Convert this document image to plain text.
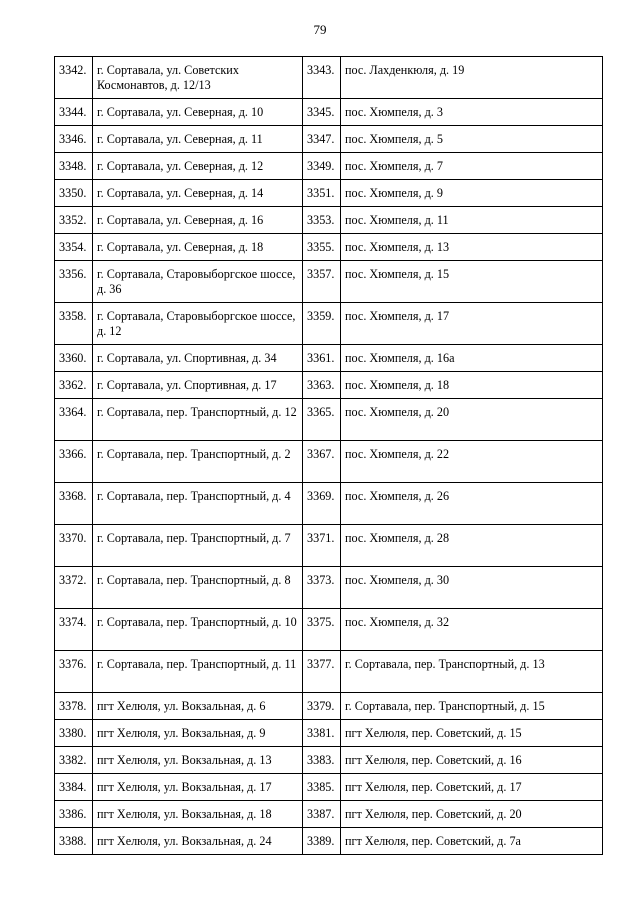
79
3342.	г. Сортавала, ул. Советских Космонавтов, д. 12/13	3343.	пос. Лахденкюля, д. 19
3344.	г. Сортавала, ул. Северная, д. 10	3345.	пос. Хюмпеля, д. 3
3346.	г. Сортавала, ул. Северная, д. 11	3347.	пос. Хюмпеля, д. 5
3348.	г. Сортавала, ул. Северная, д. 12	3349.	пос. Хюмпеля, д. 7
3350.	г. Сортавала, ул. Северная, д. 14	3351.	пос. Хюмпеля, д. 9
3352.	г. Сортавала, ул. Северная, д. 16	3353.	пос. Хюмпеля, д. 11
3354.	г. Сортавала, ул. Северная, д. 18	3355.	пос. Хюмпеля, д. 13
3356.	г. Сортавала, Старовыборгское шоссе, д. 36	3357.	пос. Хюмпеля, д. 15
3358.	г. Сортавала, Старовыборгское шоссе, д. 12	3359.	пос. Хюмпеля, д. 17
3360.	г. Сортавала, ул. Спортивная, д. 34	3361.	пос. Хюмпеля, д. 16а
3362.	г. Сортавала, ул. Спортивная, д. 17	3363.	пос. Хюмпеля, д. 18
3364.	г. Сортавала, пер. Транспортный, д. 12	3365.	пос. Хюмпеля, д. 20
3366.	г. Сортавала, пер. Транспортный, д. 2	3367.	пос. Хюмпеля, д. 22
3368.	г. Сортавала, пер. Транспортный, д. 4	3369.	пос. Хюмпеля, д. 26
3370.	г. Сортавала, пер. Транспортный, д. 7	3371.	пос. Хюмпеля, д. 28
3372.	г. Сортавала, пер. Транспортный, д. 8	3373.	пос. Хюмпеля, д. 30
3374.	г. Сортавала, пер. Транспортный, д. 10	3375.	пос. Хюмпеля, д. 32
3376.	г. Сортавала, пер. Транспортный, д. 11	3377.	г. Сортавала, пер. Транспортный, д. 13
3378.	пгт Хелюля, ул. Вокзальная, д. 6	3379.	г. Сортавала, пер. Транспортный, д. 15
3380.	пгт Хелюля, ул. Вокзальная, д. 9	3381.	пгт Хелюля, пер. Советский, д. 15
3382.	пгт Хелюля, ул. Вокзальная, д. 13	3383.	пгт Хелюля, пер. Советский, д. 16
3384.	пгт Хелюля, ул. Вокзальная, д. 17	3385.	пгт Хелюля, пер. Советский, д. 17
3386.	пгт Хелюля, ул. Вокзальная, д. 18	3387.	пгт Хелюля, пер. Советский, д. 20
3388.	пгт Хелюля, ул. Вокзальная, д. 24	3389.	пгт Хелюля, пер. Советский, д. 7а
